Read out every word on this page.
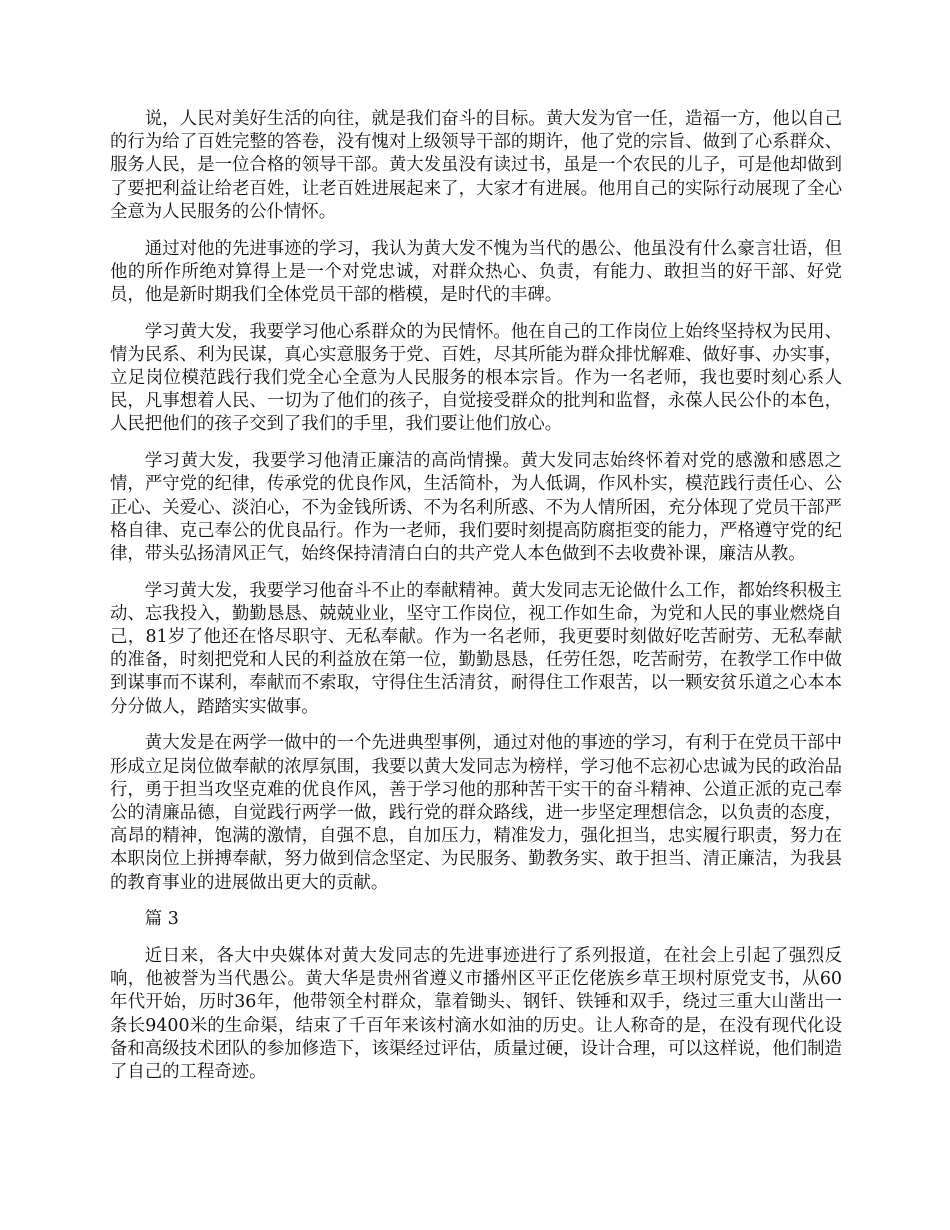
说，人民对美好生活的向往，就是我们奋斗的目标。黄大发为官一任，造福一方，他以自己的行为给了百姓完整的答卷，没有愧对上级领导干部的期许，他了党的宗旨、做到了心系群众、服务人民，是一位合格的领导干部。黄大发虽没有读过书，虽是一个农民的儿子，可是他却做到了要把利益让给老百姓，让老百姓进展起来了，大家才有进展。他用自己的实际行动展现了全心全意为人民服务的公仆情怀。

通过对他的先进事迹的学习，我认为黄大发不愧为当代的愚公、他虽没有什么豪言壮语，但他的所作所绝对算得上是一个对党忠诚，对群众热心、负责，有能力、敢担当的好干部、好党员，他是新时期我们全体党员干部的楷模，是时代的丰碑。

学习黄大发，我要学习他心系群众的为民情怀。他在自己的工作岗位上始终坚持权为民用、情为民系、利为民谋，真心实意服务于党、百姓，尽其所能为群众排忧解难、做好事、办实事，立足岗位模范践行我们党全心全意为人民服务的根本宗旨。作为一名老师，我也要时刻心系人民，凡事想着人民、一切为了他们的孩子，自觉接受群众的批判和监督，永葆人民公仆的本色，人民把他们的孩子交到了我们的手里，我们要让他们放心。

学习黄大发，我要学习他清正廉洁的高尚情操。黄大发同志始终怀着对党的感激和感恩之情，严守党的纪律，传承党的优良作风，生活简朴，为人低调，作风朴实，模范践行责任心、公正心、关爱心、淡泊心，不为金钱所诱、不为名利所惑、不为人情所困，充分体现了党员干部严格自律、克己奉公的优良品行。作为一老师，我们要时刻提高防腐拒变的能力，严格遵守党的纪律，带头弘扬清风正气，始终保持清清白白的共产党人本色做到不去收费补课，廉洁从教。

学习黄大发，我要学习他奋斗不止的奉献精神。黄大发同志无论做什么工作，都始终积极主动、忘我投入，勤勤恳恳、兢兢业业，坚守工作岗位，视工作如生命，为党和人民的事业燃烧自己，81岁了他还在恪尽职守、无私奉献。作为一名老师，我更要时刻做好吃苦耐劳、无私奉献的准备，时刻把党和人民的利益放在第一位，勤勤恳恳，任劳任怨，吃苦耐劳，在教学工作中做到谋事而不谋利，奉献而不索取，守得住生活清贫，耐得住工作艰苦，以一颗安贫乐道之心本本分分做人，踏踏实实做事。

黄大发是在两学一做中的一个先进典型事例，通过对他的事迹的学习，有利于在党员干部中形成立足岗位做奉献的浓厚氛围，我要以黄大发同志为榜样，学习他不忘初心忠诚为民的政治品行，勇于担当攻坚克难的优良作风，善于学习他的那种苦干实干的奋斗精神、公道正派的克己奉公的清廉品德，自觉践行两学一做，践行党的群众路线，进一步坚定理想信念，以负责的态度，高昂的精神，饱满的激情，自强不息，自加压力，精准发力，强化担当，忠实履行职责，努力在本职岗位上拼搏奉献，努力做到信念坚定、为民服务、勤教务实、敢于担当、清正廉洁，为我县的教育事业的进展做出更大的贡献。

篇 3

近日来，各大中央媒体对黄大发同志的先进事迹进行了系列报道，在社会上引起了强烈反响，他被誉为当代愚公。黄大华是贵州省遵义市播州区平正仡佬族乡草王坝村原党支书，从60年代开始，历时36年，他带领全村群众，靠着锄头、钢钎、铁锤和双手，绕过三重大山凿出一条长9400米的生命渠，结束了千百年来该村滴水如油的历史。让人称奇的是，在没有现代化设备和高级技术团队的参加修造下，该渠经过评估，质量过硬，设计合理，可以这样说，他们制造了自己的工程奇迹。
